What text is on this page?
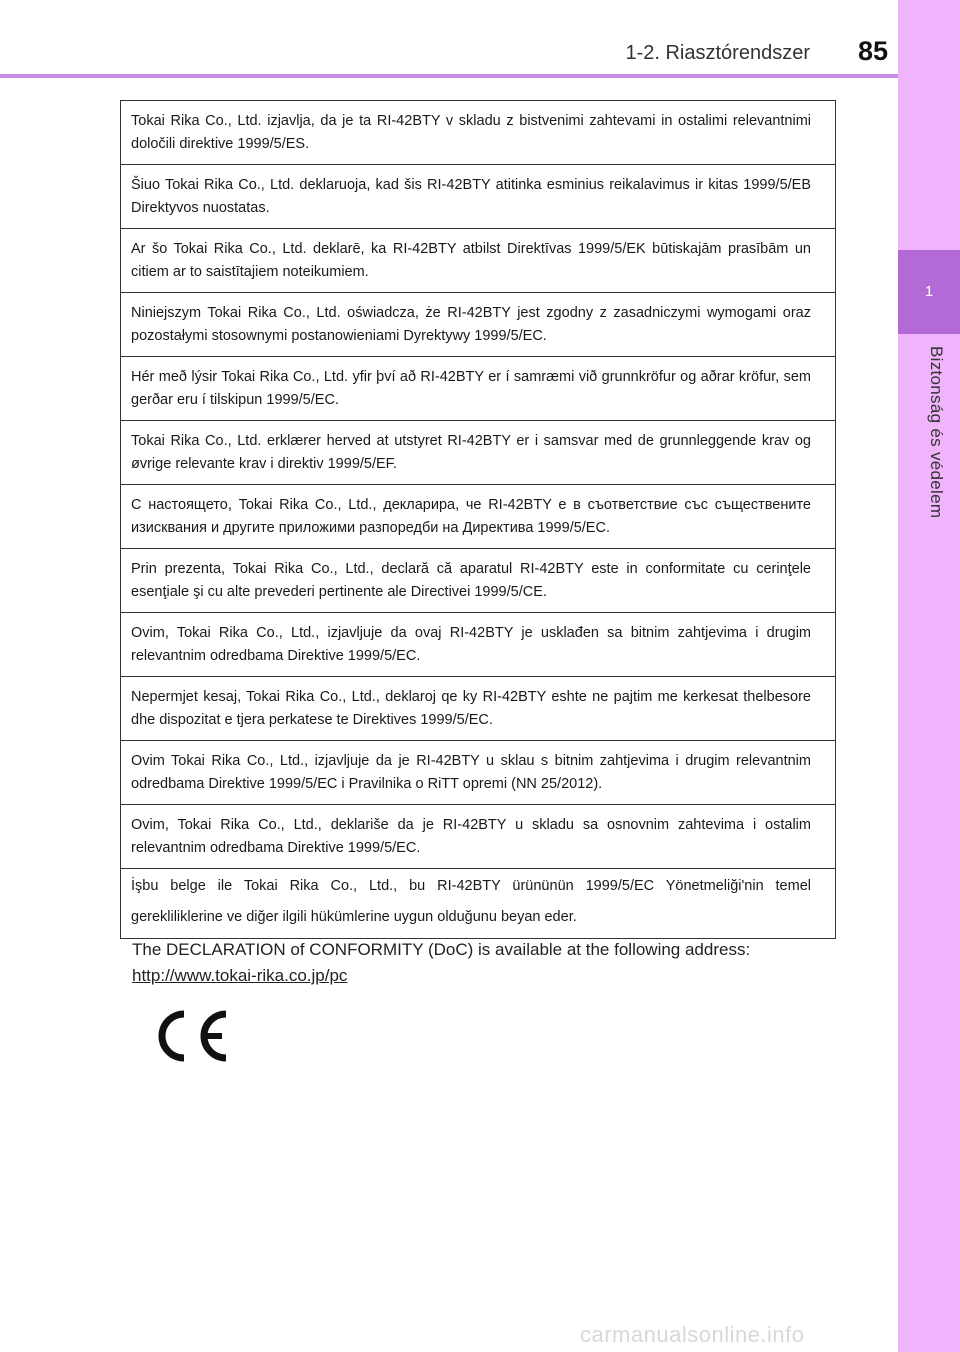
1-2. Riasztórendszer	85
1
Biztonság és védelem
Tokai Rika Co., Ltd. izjavlja, da je ta RI-42BTY v skladu z bistvenimi zahtevami in ostalimi relevantnimi določili direktive 1999/5/ES.
Šiuo Tokai Rika Co., Ltd. deklaruoja, kad šis RI-42BTY atitinka esminius reikalavimus ir kitas 1999/5/EB Direktyvos nuostatas.
Ar šo Tokai Rika Co., Ltd. deklarē, ka RI-42BTY atbilst Direktīvas 1999/5/EK būtiskajām prasībām un citiem ar to saistītajiem noteikumiem.
Niniejszym Tokai Rika Co., Ltd. oświadcza, że RI-42BTY jest zgodny z zasadniczymi wymogami oraz pozostałymi stosownymi postanowieniami Dyrektywy 1999/5/EC.
Hér með lýsir Tokai Rika Co., Ltd. yfir því að RI-42BTY er í samræmi við grunnkröfur og aðrar kröfur, sem gerðar eru í tilskipun 1999/5/EC.
Tokai Rika Co., Ltd. erklærer herved at utstyret RI-42BTY er i samsvar med de grunnleggende krav og øvrige relevante krav i direktiv 1999/5/EF.
С настоящето, Tokai Rika Co., Ltd., декларира, че RI-42BTY е в съответствие със съществените изисквания и другите приложими разпоредби на Директива 1999/5/EC.
Prin prezenta, Tokai Rika Co., Ltd., declară că aparatul RI-42BTY este in conformitate cu cerinţele esenţiale şi cu alte prevederi pertinente ale Directivei 1999/5/CE.
Ovim, Tokai Rika Co., Ltd., izjavljuje da ovaj RI-42BTY je usklađen sa bitnim zahtjevima i drugim relevantnim odredbama Direktive 1999/5/EC.
Nepermjet kesaj, Tokai Rika Co., Ltd., deklaroj qe ky RI-42BTY eshte ne pajtim me kerkesat thelbesore dhe dispozitat e tjera perkatese te Direktives 1999/5/EC.
Ovim Tokai Rika Co., Ltd., izjavljuje da je RI-42BTY u sklau s bitnim zahtjevima i drugim relevantnim odredbama Direktive 1999/5/EC i Pravilnika o RiTT opremi (NN 25/2012).
Ovim, Tokai Rika Co., Ltd., deklariše da je RI-42BTY u skladu sa osnovnim zahtevima i ostalim relevantnim odredbama Direktive 1999/5/EC.
İşbu belge ile Tokai Rika Co., Ltd., bu RI-42BTY ürününün 1999/5/EC Yönetmeliği'nin temel gerekliliklerine ve diğer ilgili hükümlerine uygun olduğunu beyan eder.
The DECLARATION of CONFORMITY (DoC) is available at the following address:
http://www.tokai-rika.co.jp/pc
carmanualsonline.info
